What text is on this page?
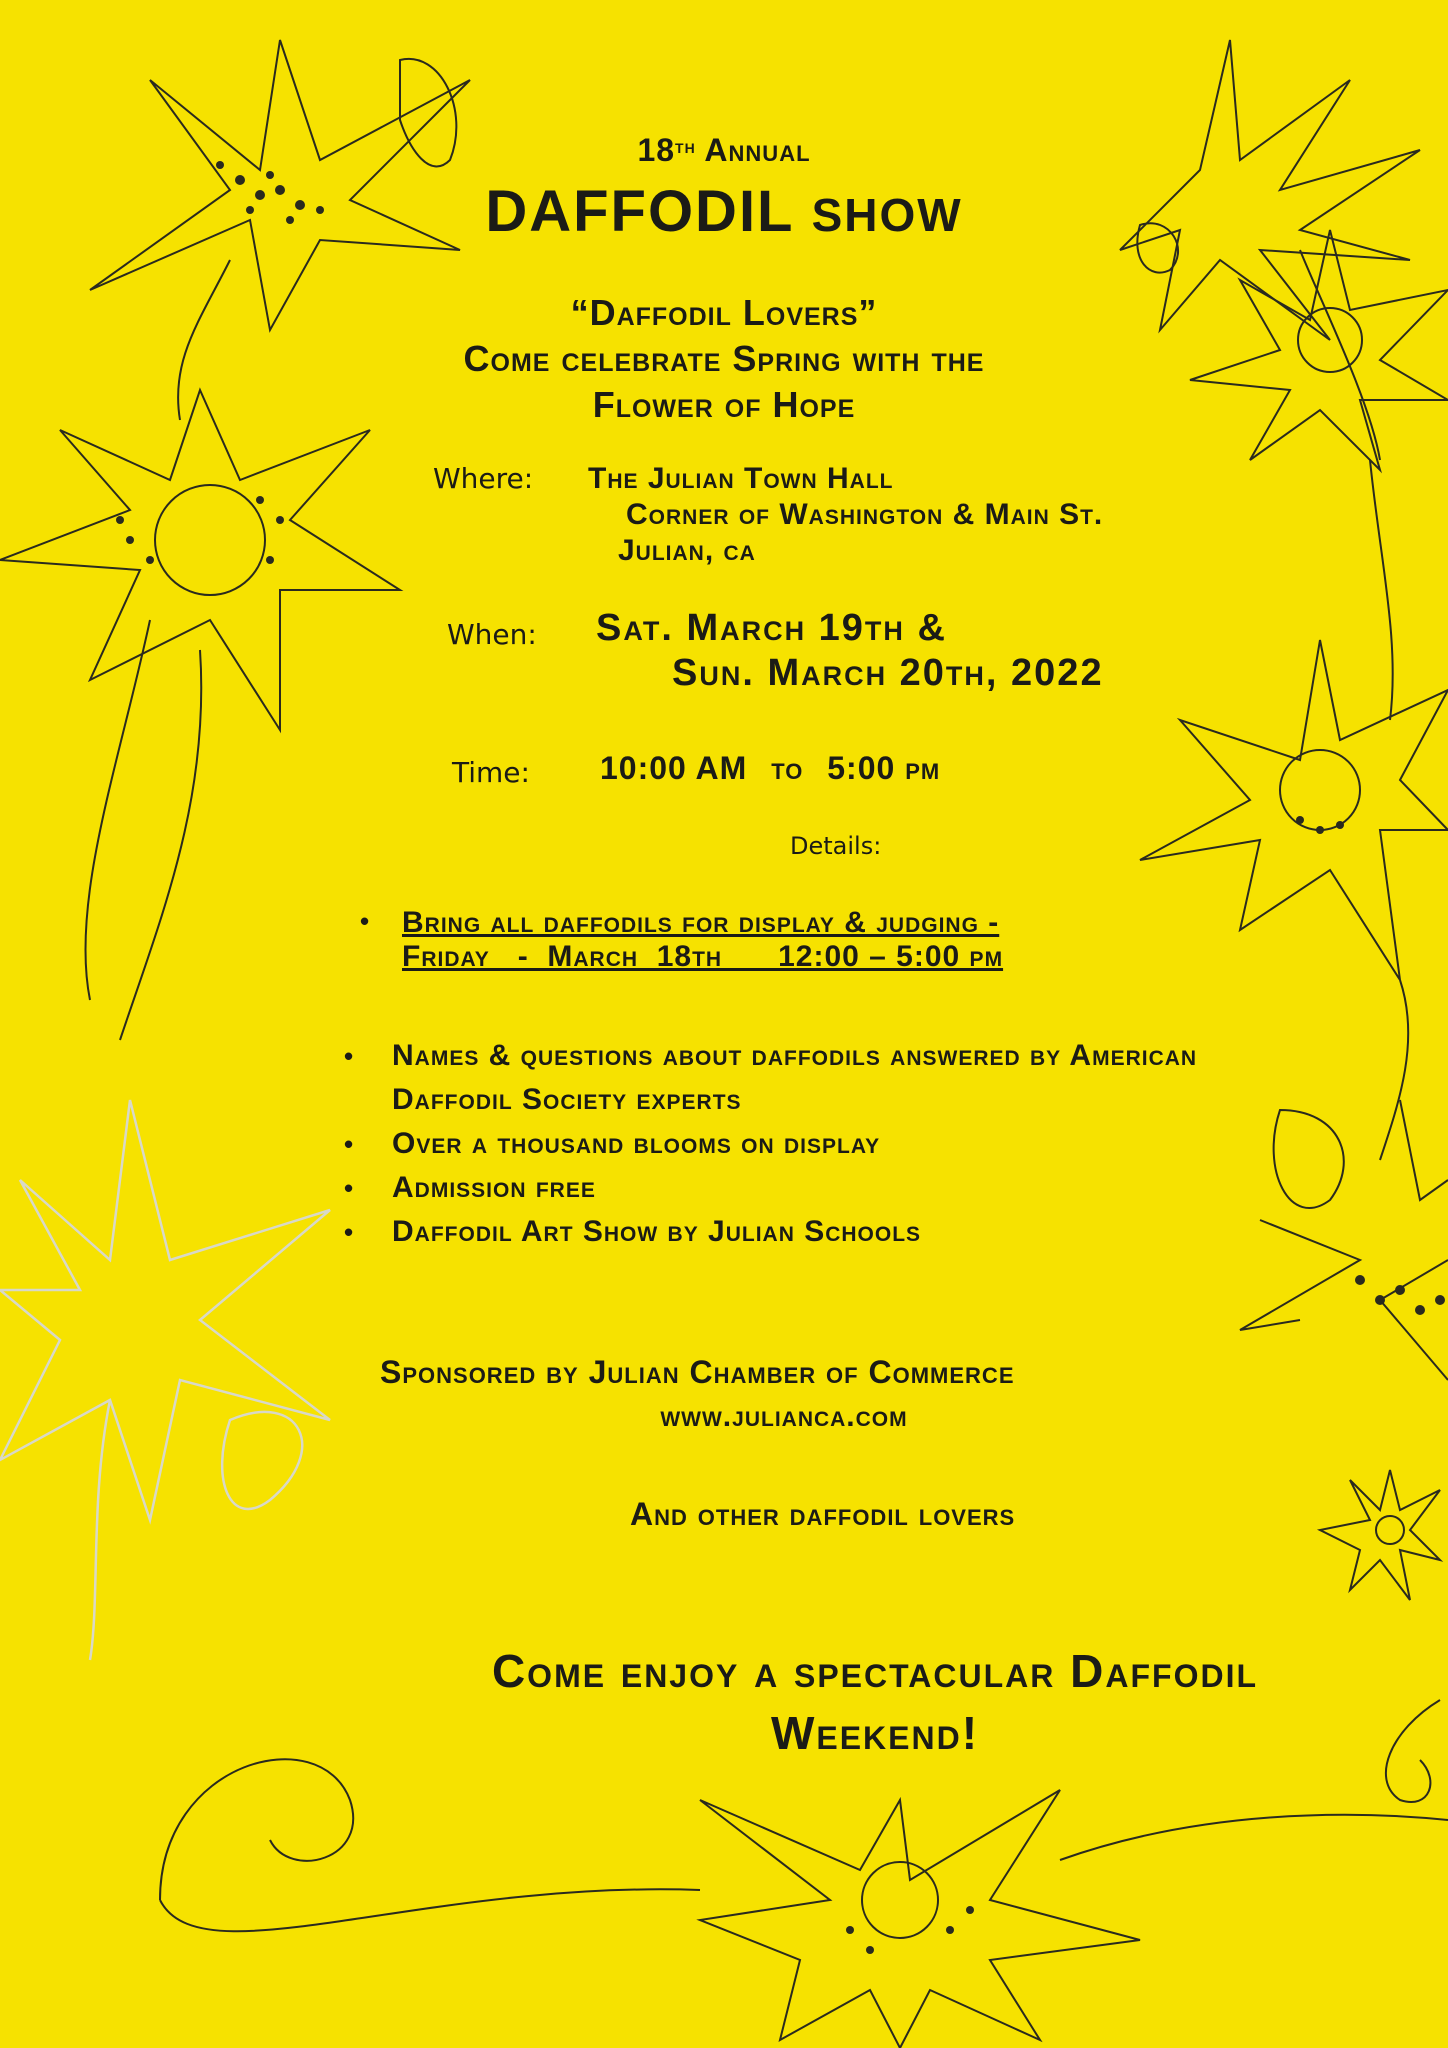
18th Annual
DAFFODIL SHOW
“Daffodil Lovers”
Come celebrate Spring with the
Flower of Hope
Where: The Julian Town Hall
Corner of Washington & Main St.
Julian, ca
When: Sat. March 19th &
Sun. March 20th, 2022
Time: 10:00 AM to 5:00 pm
Details:
• Bring all daffodils for display & judging -
Friday   -  March  18th      12:00 – 5:00 pm
• Names & questions about daffodils answered by American Daffodil Society experts
• Over a thousand blooms on display
• Admission free
• Daffodil Art Show by Julian Schools
Sponsored by Julian Chamber of Commerce
www.julianca.com
And other daffodil lovers
Come enjoy a spectacular Daffodil
Weekend!
